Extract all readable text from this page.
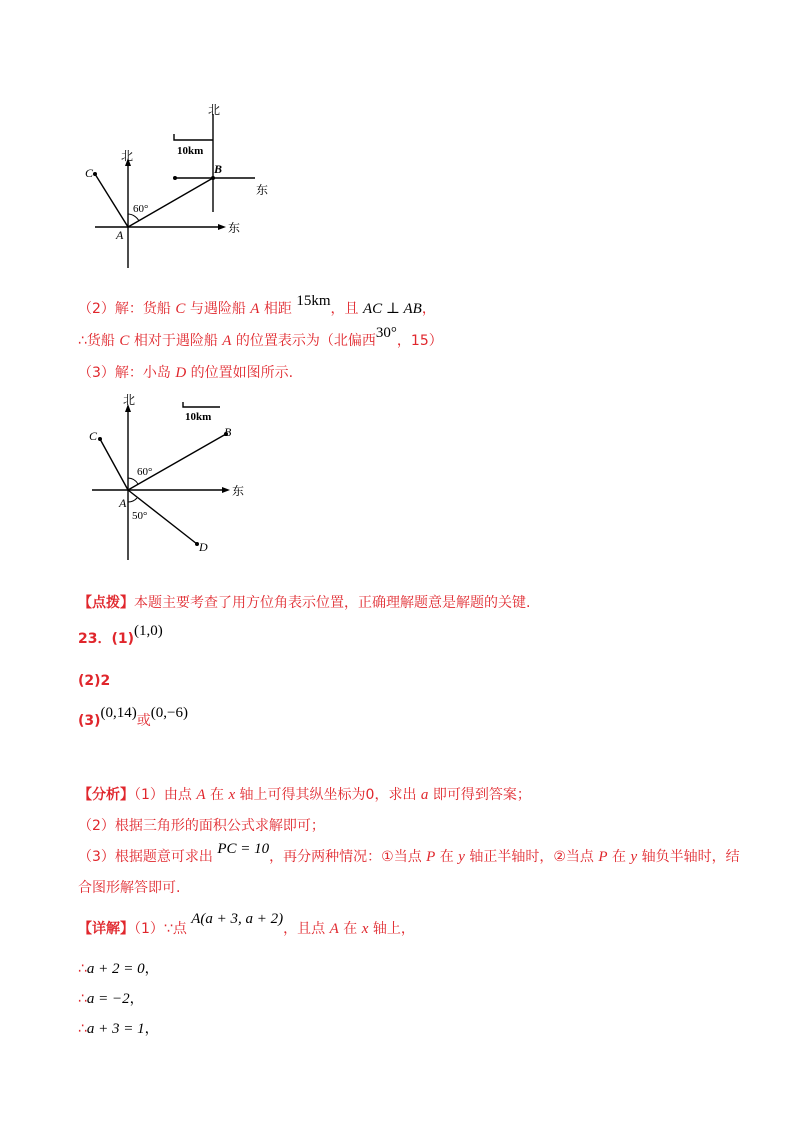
10km
60°
A
B
C
北
北
东
东
（2）解：货船 C 与遇险船 A 相距 15km，且 AC ⊥ AB，
∴货船 C 相对于遇险船 A 的位置表示为（北偏西30°，15）
（3）解：小岛 D 的位置如图所示.
10km
60°
50°
A
B
C
D
北
东
【点拨】本题主要考查了用方位角表示位置，正确理解题意是解题的关键.
23．(1)(1,0)
(2)2
(3)(0,14)或(0,−6)
【分析】（1）由点 A 在 x 轴上可得其纵坐标为0，求出 a 即可得到答案；
（2）根据三角形的面积公式求解即可；
（3）根据题意可求出 PC = 10，再分两种情况：①当点 P 在 y 轴正半轴时，②当点 P 在 y 轴负半轴时，结
合图形解答即可.
【详解】（1）∵点 A(a + 3, a + 2)，且点 A 在 x 轴上，
∴a + 2 = 0，
∴a = −2，
∴a + 3 = 1，
